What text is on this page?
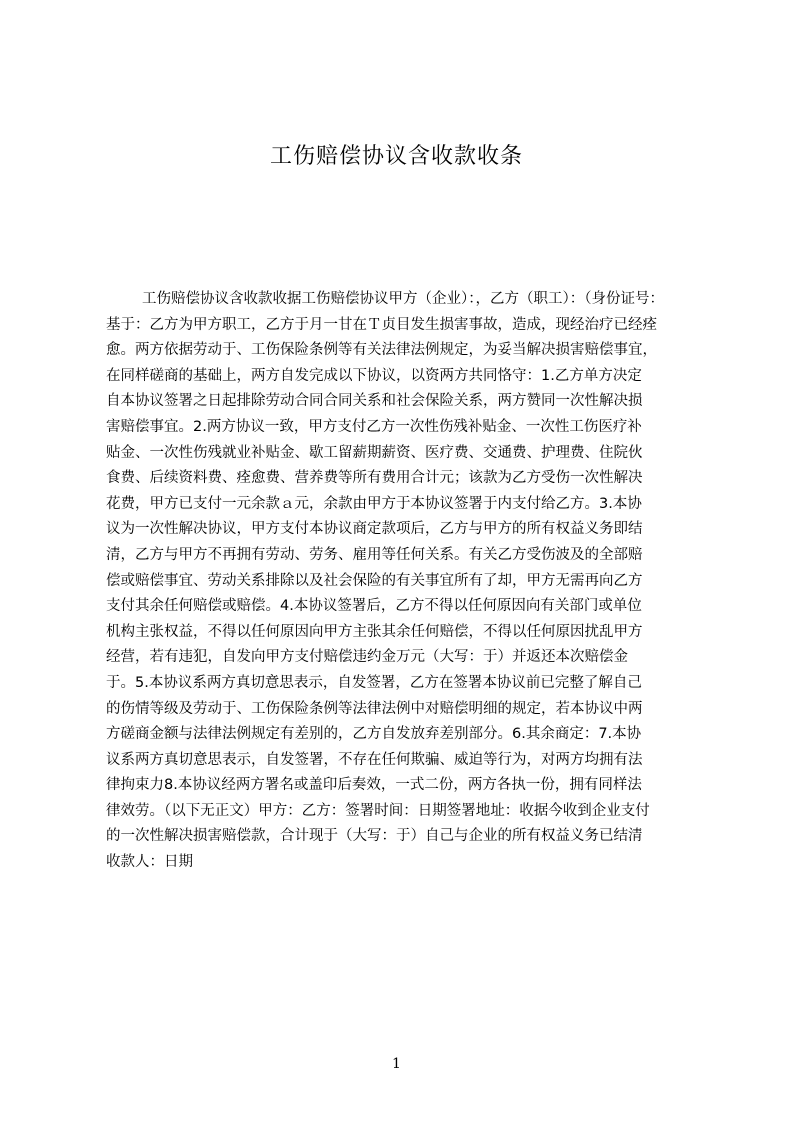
工伤赔偿协议含收款收条
工伤赔偿协议含收款收据工伤赔偿协议甲方（企业）：，乙方（职工）：（身份证号：
基于：乙方为甲方职工，乙方于月一甘在Ｔ贞目发生损害事故，造成，现经治疗已经痊
愈。两方依据劳动于、工伤保险条例等有关法律法例规定，为妥当解决损害赔偿事宜，
在同样磋商的基础上，两方自发完成以下协议，以资两方共同恪守：1.乙方单方决定
自本协议签署之日起排除劳动合同合同关系和社会保险关系，两方赞同一次性解决损
害赔偿事宜。2.两方协议一致，甲方支付乙方一次性伤残补贴金、一次性工伤医疗补
贴金、一次性伤残就业补贴金、歇工留薪期薪资、医疗费、交通费、护理费、住院伙
食费、后续资料费、痊愈费、营养费等所有费用合计元；该款为乙方受伤一次性解决
花费，甲方已支付一元余款ａ元，余款由甲方于本协议签署于内支付给乙方。3.本协
议为一次性解决协议，甲方支付本协议商定款项后，乙方与甲方的所有权益义务即结
清，乙方与甲方不再拥有劳动、劳务、雇用等任何关系。有关乙方受伤波及的全部赔
偿或赔偿事宜、劳动关系排除以及社会保险的有关事宜所有了却，甲方无需再向乙方
支付其余任何赔偿或赔偿。4.本协议签署后，乙方不得以任何原因向有关部门或单位
机构主张权益，不得以任何原因向甲方主张其余任何赔偿，不得以任何原因扰乱甲方
经营，若有违犯，自发向甲方支付赔偿违约金万元（大写：于）并返还本次赔偿金
于。5.本协议系两方真切意思表示，自发签署，乙方在签署本协议前已完整了解自己
的伤情等级及劳动于、工伤保险条例等法律法例中对赔偿明细的规定，若本协议中两
方磋商金额与法律法例规定有差别的，乙方自发放弃差别部分。6.其余商定：7.本协
议系两方真切意思表示，自发签署，不存在任何欺骗、威迫等行为，对两方均拥有法
律拘束力8.本协议经两方署名或盖印后奏效，一式二份，两方各执一份，拥有同样法
律效劳。（以下无正文）甲方：乙方：签署时间：日期签署地址：收据今收到企业支付
的一次性解决损害赔偿款，合计现于（大写：于）自己与企业的所有权益义务已结清
收款人：日期
1
